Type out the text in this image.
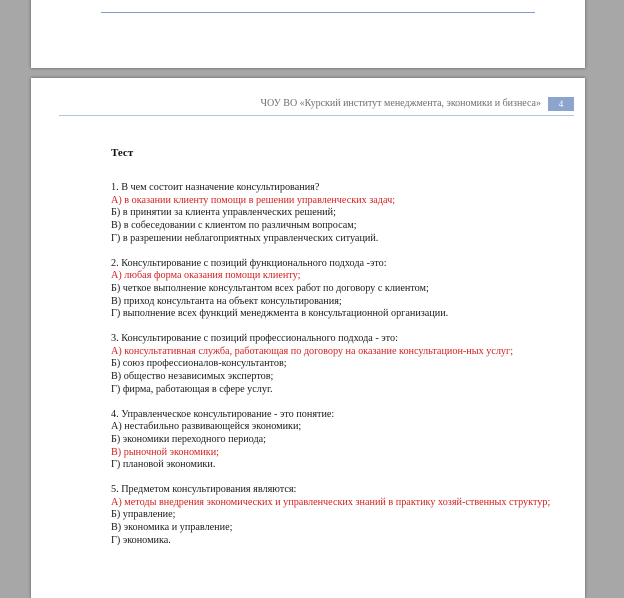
ЧОУ ВО «Курский институт менеджмента, экономики и бизнеса»	4
Тест
1. В чем состоит назначение консультирования?
А) в оказании клиенту помощи в решении управленческих задач;
Б) в принятии за клиента управленческих решений;
В) в собеседовании с клиентом по различным вопросам;
Г) в разрешении неблагоприятных управленческих ситуаций.
2. Консультирование с позиций функционального подхода -это:
А) любая форма оказания помощи клиенту;
Б) четкое выполнение консультантом всех работ по договору с клиентом;
В) приход консультанта на объект консультирования;
Г) выполнение всех функций менеджмента в консультационной организации.
3. Консультирование с позиций профессионального подхода - это:
А) консультативная служба, работающая по договору на оказание консультацион-ных услуг;
Б) союз профессионалов-консультантов;
В) общество независимых экспертов;
Г) фирма, работающая в сфере услуг.
4. Управленческое консультирование - это понятие:
А) нестабильно развивающейся экономики;
Б) экономики переходного периода;
В) рыночной экономики;
Г) плановой экономики.
5. Предметом консультирования являются:
А) методы внедрения экономических и управленческих знаний в практику хозяй-ственных структур;
Б) управление;
В) экономика и управление;
Г) экономика.
